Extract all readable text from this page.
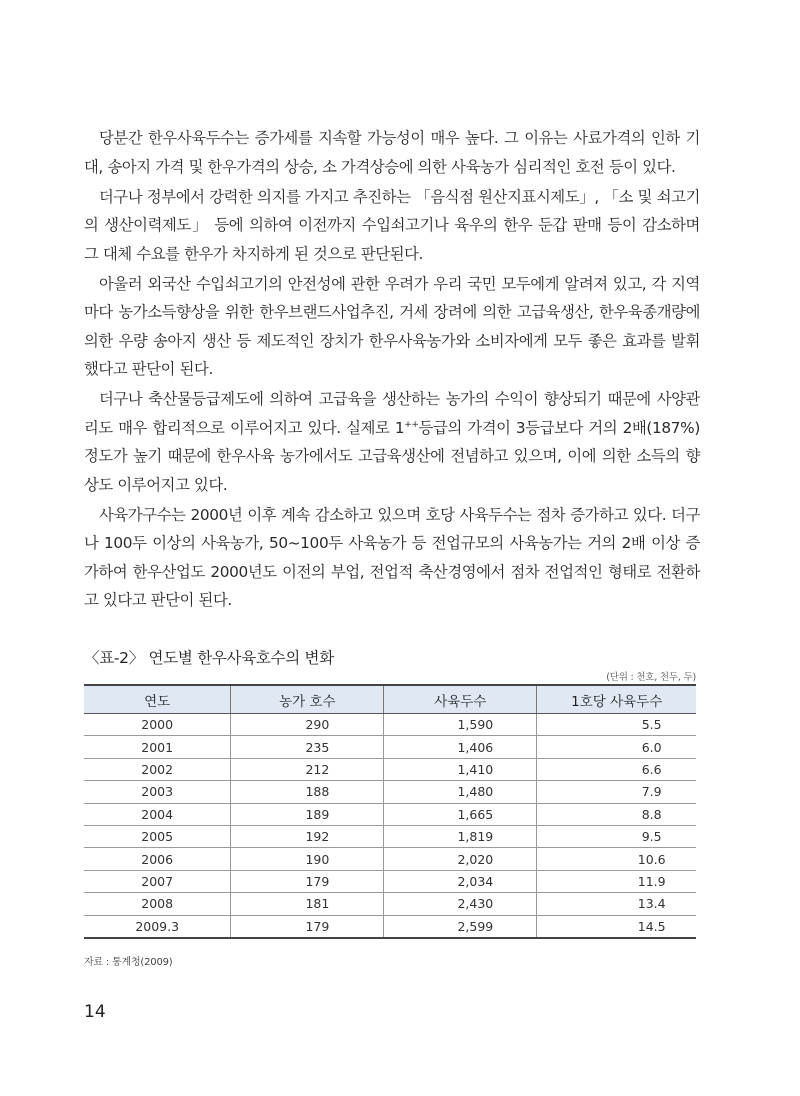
당분간 한우사육두수는 증가세를 지속할 가능성이 매우 높다. 그 이유는 사료가격의 인하 기대, 송아지 가격 및 한우가격의 상승, 소 가격상승에 의한 사육농가 심리적인 호전 등이 있다.

더구나 정부에서 강력한 의지를 가지고 추진하는 「음식점 원산지표시제도」, 「소 및 쇠고기의 생산이력제도」 등에 의하여 이전까지 수입쇠고기나 육우의 한우 둔갑 판매 등이 감소하며 그 대체 수요를 한우가 차지하게 된 것으로 판단된다.

아울러 외국산 수입쇠고기의 안전성에 관한 우려가 우리 국민 모두에게 알려져 있고, 각 지역마다 농가소득향상을 위한 한우브랜드사업추진, 거세 장려에 의한 고급육생산, 한우육종개량에 의한 우량 송아지 생산 등 제도적인 장치가 한우사육농가와 소비자에게 모두 좋은 효과를 발휘했다고 판단이 된다.

더구나 축산물등급제도에 의하여 고급육을 생산하는 농가의 수익이 향상되기 때문에 사양관리도 매우 합리적으로 이루어지고 있다. 실제로 1++등급의 가격이 3등급보다 거의 2배(187%) 정도가 높기 때문에 한우사육 농가에서도 고급육생산에 전념하고 있으며, 이에 의한 소득의 향상도 이루어지고 있다.

사육가구수는 2000년 이후 계속 감소하고 있으며 호당 사육두수는 점차 증가하고 있다. 더구나 100두 이상의 사육농가, 50~100두 사육농가 등 전업규모의 사육농가는 거의 2배 이상 증가하여 한우산업도 2000년도 이전의 부업, 전업적 축산경영에서 점차 전업적인 형태로 전환하고 있다고 판단이 된다.

〈표-2〉 연도별 한우사육호수의 변화
(단위 : 천호, 천두, 두)
연도	농가 호수	사육두수	1호당 사육두수
2000	290	1,590	5.5
2001	235	1,406	6.0
2002	212	1,410	6.6
2003	188	1,480	7.9
2004	189	1,665	8.8
2005	192	1,819	9.5
2006	190	2,020	10.6
2007	179	2,034	11.9
2008	181	2,430	13.4
2009.3	179	2,599	14.5
자료 : 통계청(2009)
14
